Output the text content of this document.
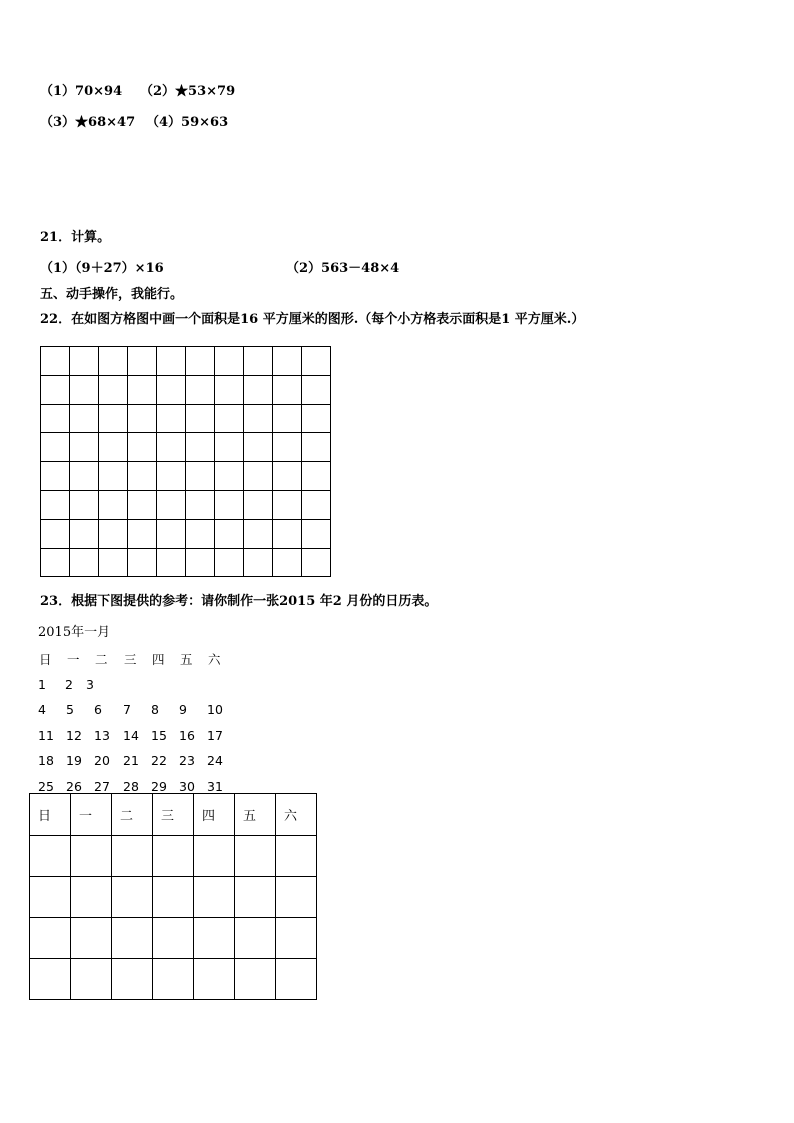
（1）70×94 （2）★53×79
（3）★68×47 （4）59×63
21．计算。
（1）（9＋27）×16	（2）563－48×4
五、动手操作，我能行。
22．在如图方格图中画一个面积是16 平方厘米的图形.（每个小方格表示面积是1 平方厘米.）

23．根据下图提供的参考：请你制作一张2015 年2 月份的日历表。
2015年一月
日 一 二 三 四 五 六
1 2 3
4 5 6 7 8 9 10
11 12 13 14 15 16 17
18 19 20 21 22 23 24
25 26 27 28 29 30 31
日	一	二	三	四	五	六
